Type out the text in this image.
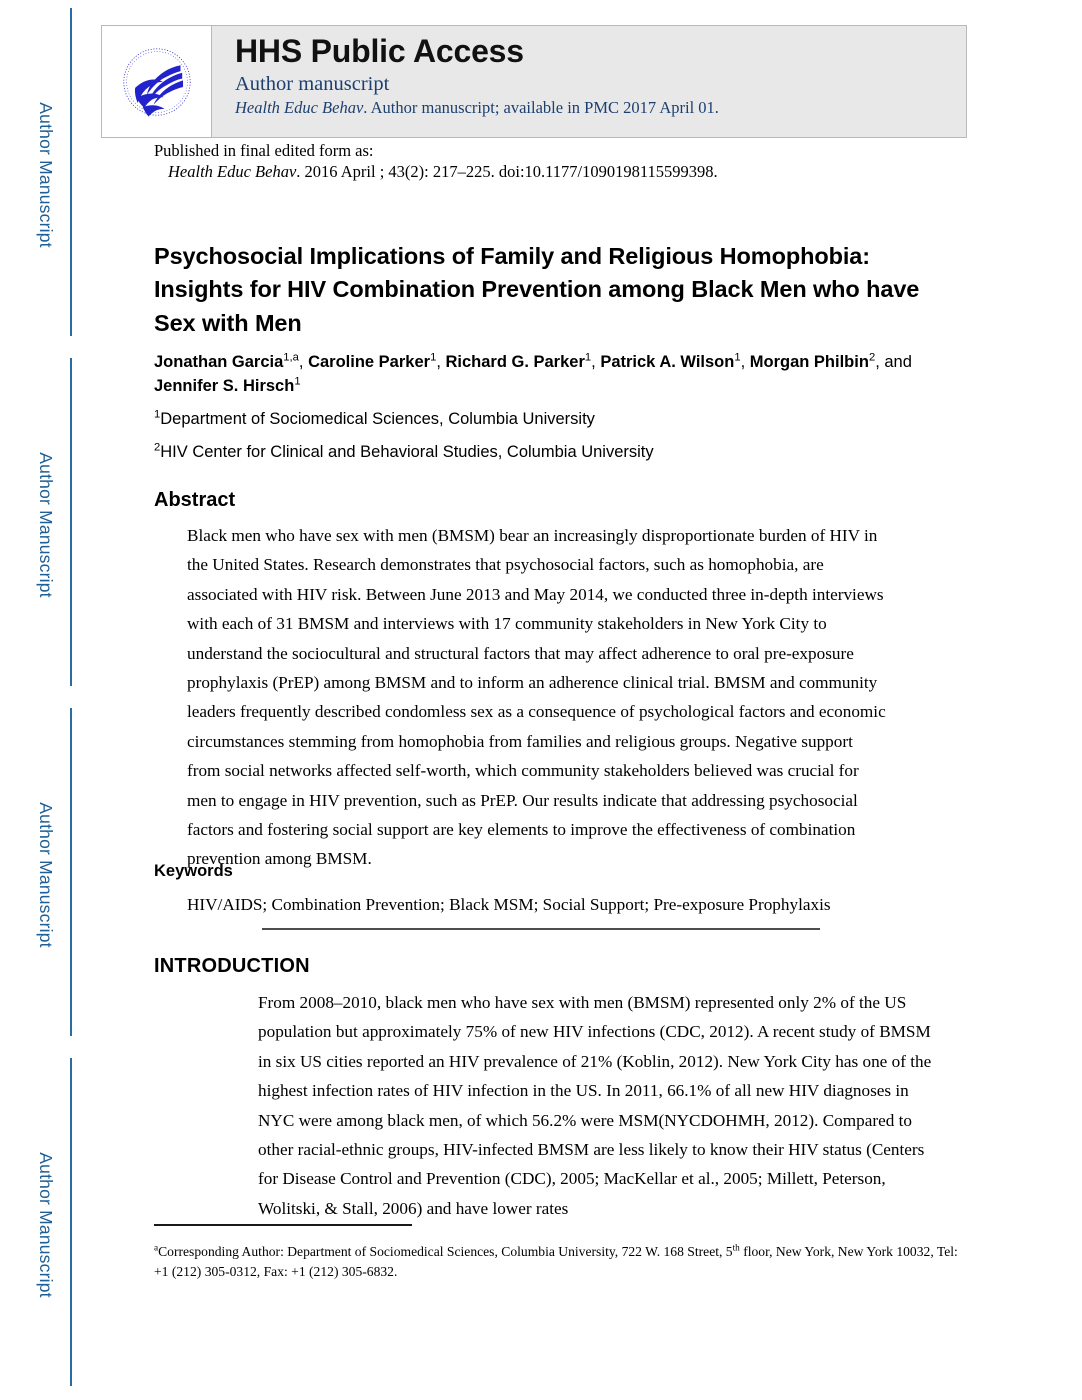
Author Manuscript
Author Manuscript
Author Manuscript
Author Manuscript
HHS Public Access
Author manuscript
Health Educ Behav. Author manuscript; available in PMC 2017 April 01.
Published in final edited form as:
Health Educ Behav. 2016 April ; 43(2): 217–225. doi:10.1177/1090198115599398.
Psychosocial Implications of Family and Religious Homophobia: Insights for HIV Combination Prevention among Black Men who have Sex with Men
Jonathan Garcia$^{1,a}$, Caroline Parker$^1$, Richard G. Parker$^1$, Patrick A. Wilson$^1$, Morgan Philbin$^2$, and Jennifer S. Hirsch$^1$
$^1$Department of Sociomedical Sciences, Columbia University
$^2$HIV Center for Clinical and Behavioral Studies, Columbia University
Abstract
Black men who have sex with men (BMSM) bear an increasingly disproportionate burden of HIV in the United States. Research demonstrates that psychosocial factors, such as homophobia, are associated with HIV risk. Between June 2013 and May 2014, we conducted three in-depth interviews with each of 31 BMSM and interviews with 17 community stakeholders in New York City to understand the sociocultural and structural factors that may affect adherence to oral pre-exposure prophylaxis (PrEP) among BMSM and to inform an adherence clinical trial. BMSM and community leaders frequently described condomless sex as a consequence of psychological factors and economic circumstances stemming from homophobia from families and religious groups. Negative support from social networks affected self-worth, which community stakeholders believed was crucial for men to engage in HIV prevention, such as PrEP. Our results indicate that addressing psychosocial factors and fostering social support are key elements to improve the effectiveness of combination prevention among BMSM.
Keywords
HIV/AIDS; Combination Prevention; Black MSM; Social Support; Pre-exposure Prophylaxis
INTRODUCTION
From 2008–2010, black men who have sex with men (BMSM) represented only 2% of the US population but approximately 75% of new HIV infections (CDC, 2012). A recent study of BMSM in six US cities reported an HIV prevalence of 21% (Koblin, 2012). New York City has one of the highest infection rates of HIV infection in the US. In 2011, 66.1% of all new HIV diagnoses in NYC were among black men, of which 56.2% were MSM(NYCDOHMH, 2012). Compared to other racial-ethnic groups, HIV-infected BMSM are less likely to know their HIV status (Centers for Disease Control and Prevention (CDC), 2005; MacKellar et al., 2005; Millett, Peterson, Wolitski, & Stall, 2006) and have lower rates
$^a$Corresponding Author: Department of Sociomedical Sciences, Columbia University, 722 W. 168 Street, 5th floor, New York, New York 10032, Tel: +1 (212) 305-0312, Fax: +1 (212) 305-6832.
